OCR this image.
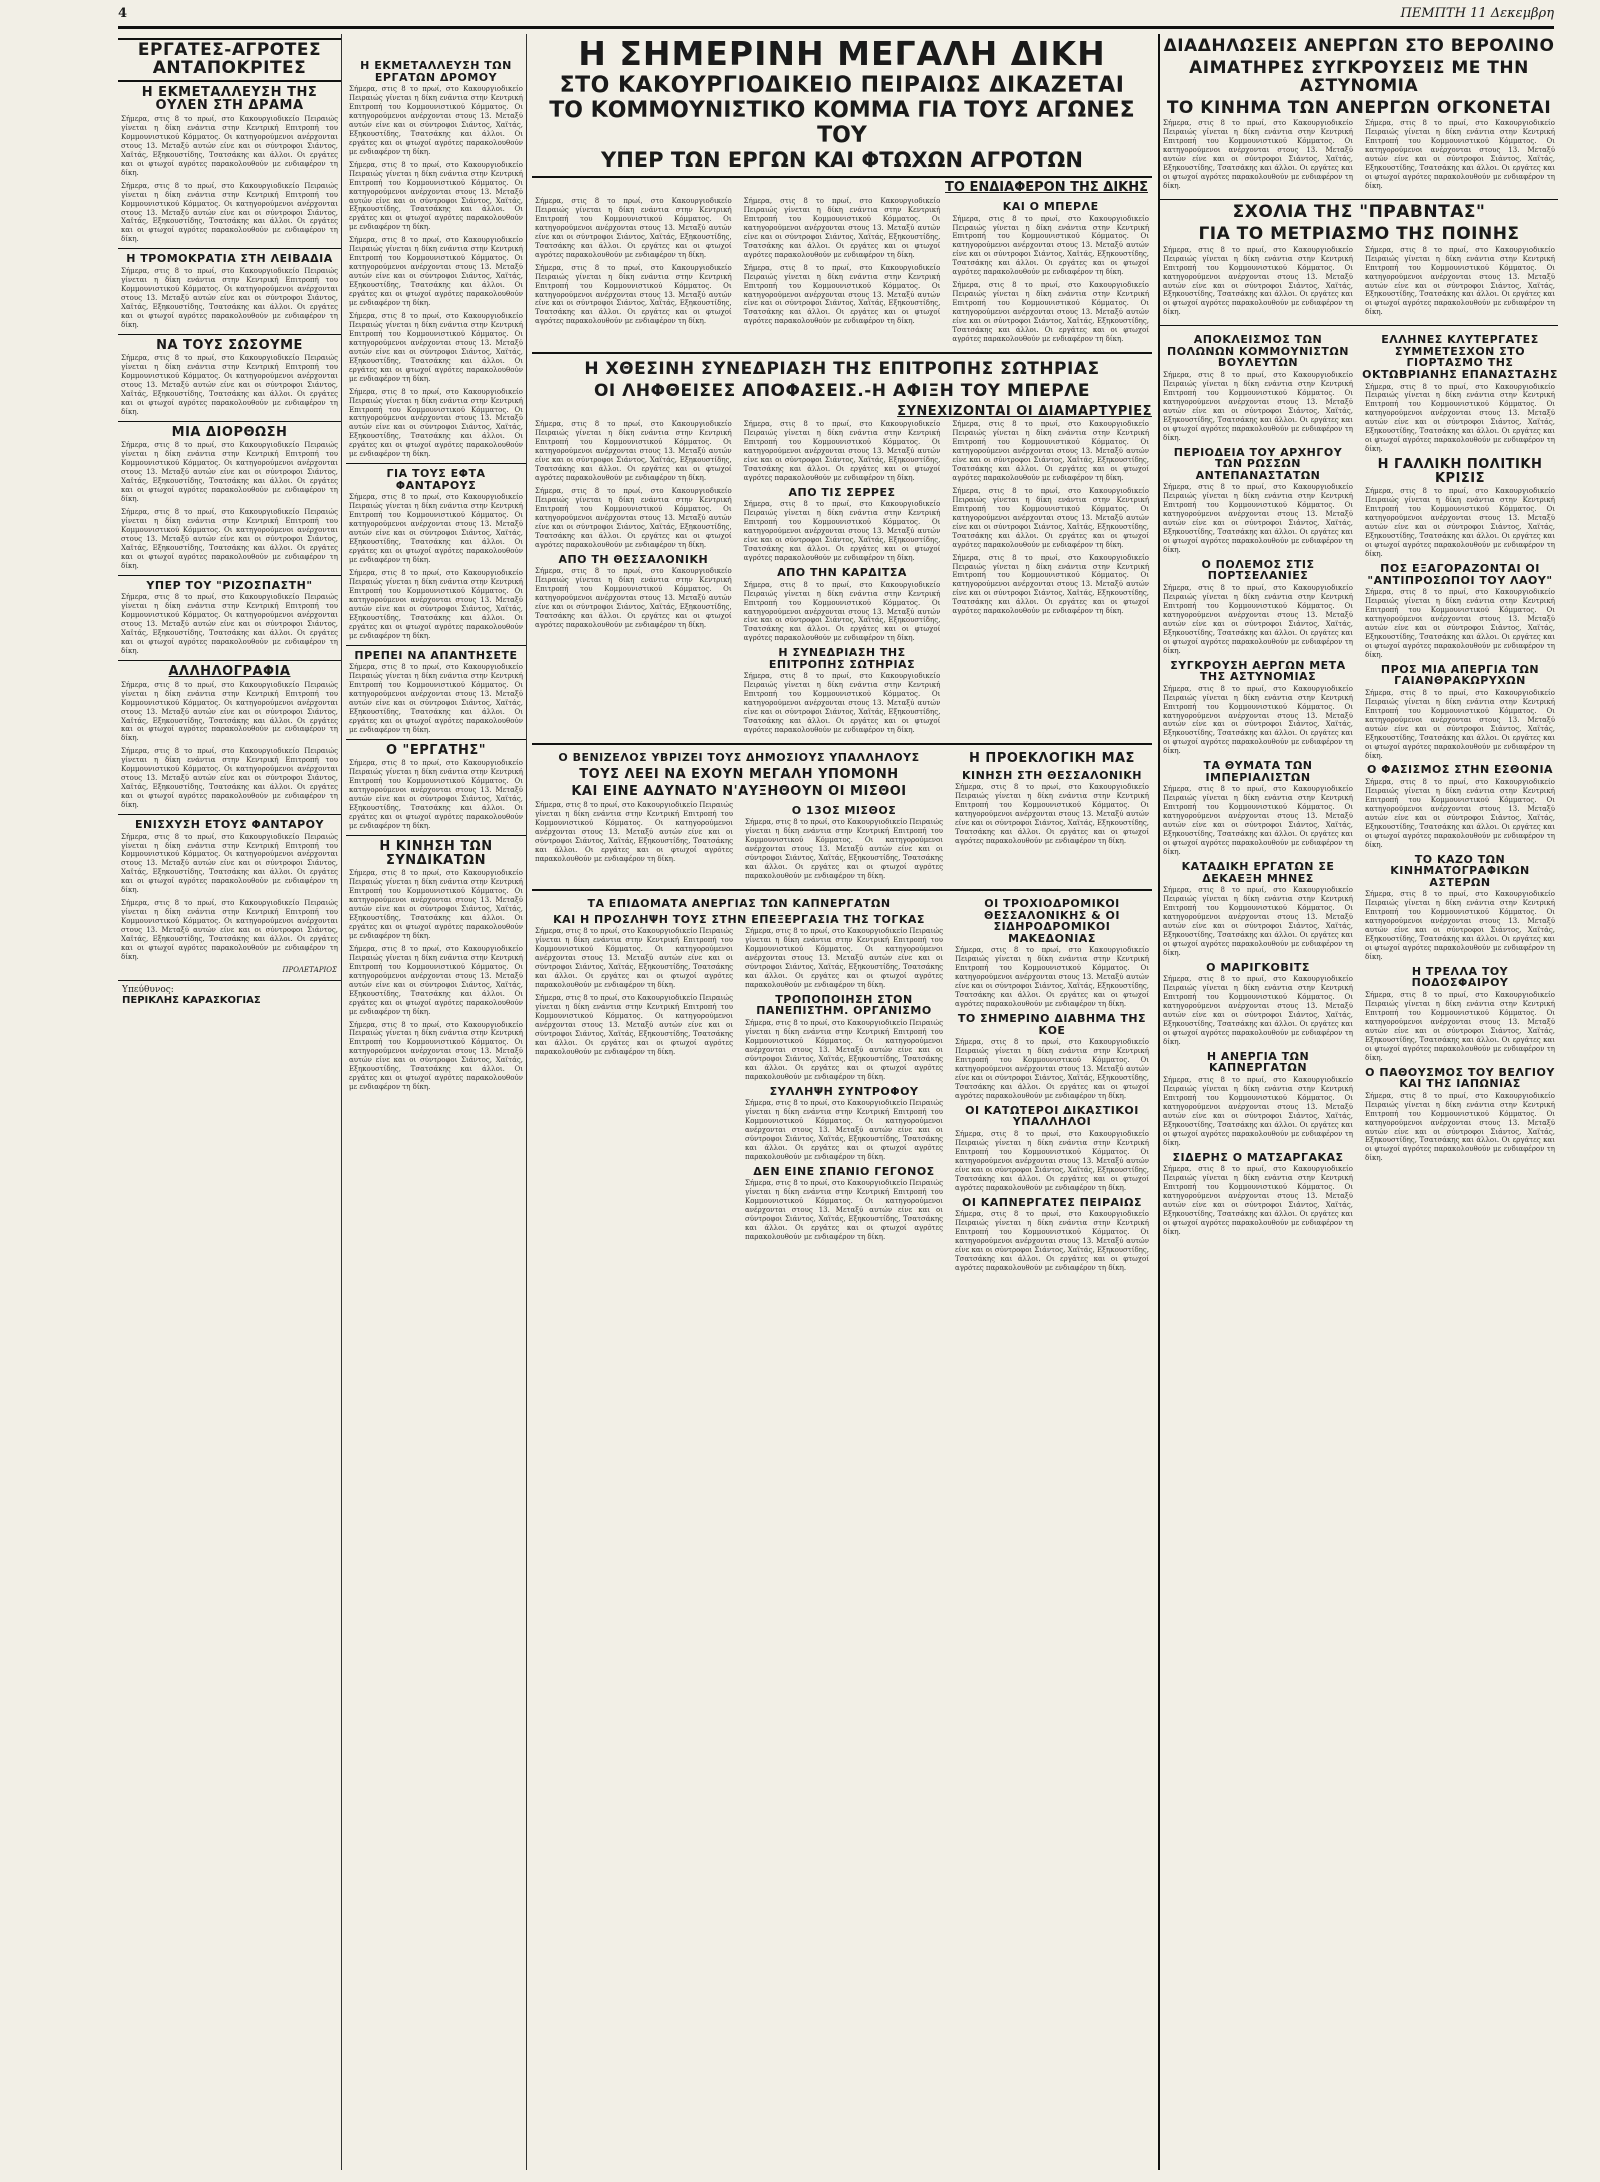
4	ΠΕΜΠΤΗ 11 Δεκεμβρη
ΕΡΓΑΤΕΣ-ΑΓΡΟΤΕΣ ΑΝΤΑΠΟΚΡΙΤΕΣ
Η ΕΚΜΕΤΑΛΛΕΥΣΗ ΤΗΣ ΟΥΛΕΝ ΣΤΗ ΔΡΑΜΑ

Σήμερα, στις 8 το πρωί, στο Κακουργιοδικείο Πειραιώς γίνεται η δίκη ενάντια στην Κεντρική Επιτροπή του Κομμουνιστικού Κόμματος. Οι κατηγορούμενοι ανέρχονται στους 13. Μεταξύ αυτών είνε και οι σύντροφοι Σιάντος, Χαϊτάς, Εξηκουστίδης, Τσατσάκης και άλλοι. Οι εργάτες και οι φτωχοί αγρότες παρακολουθούν με ενδιαφέρον τη δίκη.

Σήμερα, στις 8 το πρωί, στο Κακουργιοδικείο Πειραιώς γίνεται η δίκη ενάντια στην Κεντρική Επιτροπή του Κομμουνιστικού Κόμματος. Οι κατηγορούμενοι ανέρχονται στους 13. Μεταξύ αυτών είνε και οι σύντροφοι Σιάντος, Χαϊτάς, Εξηκουστίδης, Τσατσάκης και άλλοι. Οι εργάτες και οι φτωχοί αγρότες παρακολουθούν με ενδιαφέρον τη δίκη.

Η ΤΡΟΜΟΚΡΑΤΙΑ ΣΤΗ ΛΕΙΒΑΔΙΑ

Σήμερα, στις 8 το πρωί, στο Κακουργιοδικείο Πειραιώς γίνεται η δίκη ενάντια στην Κεντρική Επιτροπή του Κομμουνιστικού Κόμματος. Οι κατηγορούμενοι ανέρχονται στους 13. Μεταξύ αυτών είνε και οι σύντροφοι Σιάντος, Χαϊτάς, Εξηκουστίδης, Τσατσάκης και άλλοι. Οι εργάτες και οι φτωχοί αγρότες παρακολουθούν με ενδιαφέρον τη δίκη.

ΝΑ ΤΟΥΣ ΣΩΣΟΥΜΕ

Σήμερα, στις 8 το πρωί, στο Κακουργιοδικείο Πειραιώς γίνεται η δίκη ενάντια στην Κεντρική Επιτροπή του Κομμουνιστικού Κόμματος. Οι κατηγορούμενοι ανέρχονται στους 13. Μεταξύ αυτών είνε και οι σύντροφοι Σιάντος, Χαϊτάς, Εξηκουστίδης, Τσατσάκης και άλλοι. Οι εργάτες και οι φτωχοί αγρότες παρακολουθούν με ενδιαφέρον τη δίκη.

ΜΙΑ ΔΙΟΡΘΩΣΗ

Σήμερα, στις 8 το πρωί, στο Κακουργιοδικείο Πειραιώς γίνεται η δίκη ενάντια στην Κεντρική Επιτροπή του Κομμουνιστικού Κόμματος. Οι κατηγορούμενοι ανέρχονται στους 13. Μεταξύ αυτών είνε και οι σύντροφοι Σιάντος, Χαϊτάς, Εξηκουστίδης, Τσατσάκης και άλλοι. Οι εργάτες και οι φτωχοί αγρότες παρακολουθούν με ενδιαφέρον τη δίκη.

Σήμερα, στις 8 το πρωί, στο Κακουργιοδικείο Πειραιώς γίνεται η δίκη ενάντια στην Κεντρική Επιτροπή του Κομμουνιστικού Κόμματος. Οι κατηγορούμενοι ανέρχονται στους 13. Μεταξύ αυτών είνε και οι σύντροφοι Σιάντος, Χαϊτάς, Εξηκουστίδης, Τσατσάκης και άλλοι. Οι εργάτες και οι φτωχοί αγρότες παρακολουθούν με ενδιαφέρον τη δίκη.

ΥΠΕΡ ΤΟΥ "ΡΙΖΟΣΠΑΣΤΗ"

Σήμερα, στις 8 το πρωί, στο Κακουργιοδικείο Πειραιώς γίνεται η δίκη ενάντια στην Κεντρική Επιτροπή του Κομμουνιστικού Κόμματος. Οι κατηγορούμενοι ανέρχονται στους 13. Μεταξύ αυτών είνε και οι σύντροφοι Σιάντος, Χαϊτάς, Εξηκουστίδης, Τσατσάκης και άλλοι. Οι εργάτες και οι φτωχοί αγρότες παρακολουθούν με ενδιαφέρον τη δίκη.

ΑΛΛΗΛΟΓΡΑΦΙΑ

Σήμερα, στις 8 το πρωί, στο Κακουργιοδικείο Πειραιώς γίνεται η δίκη ενάντια στην Κεντρική Επιτροπή του Κομμουνιστικού Κόμματος. Οι κατηγορούμενοι ανέρχονται στους 13. Μεταξύ αυτών είνε και οι σύντροφοι Σιάντος, Χαϊτάς, Εξηκουστίδης, Τσατσάκης και άλλοι. Οι εργάτες και οι φτωχοί αγρότες παρακολουθούν με ενδιαφέρον τη δίκη.

Σήμερα, στις 8 το πρωί, στο Κακουργιοδικείο Πειραιώς γίνεται η δίκη ενάντια στην Κεντρική Επιτροπή του Κομμουνιστικού Κόμματος. Οι κατηγορούμενοι ανέρχονται στους 13. Μεταξύ αυτών είνε και οι σύντροφοι Σιάντος, Χαϊτάς, Εξηκουστίδης, Τσατσάκης και άλλοι. Οι εργάτες και οι φτωχοί αγρότες παρακολουθούν με ενδιαφέρον τη δίκη.

ΕΝΙΣΧΥΣΗ ΕΤΟΥΣ ΦΑΝΤΑΡΟΥ

Σήμερα, στις 8 το πρωί, στο Κακουργιοδικείο Πειραιώς γίνεται η δίκη ενάντια στην Κεντρική Επιτροπή του Κομμουνιστικού Κόμματος. Οι κατηγορούμενοι ανέρχονται στους 13. Μεταξύ αυτών είνε και οι σύντροφοι Σιάντος, Χαϊτάς, Εξηκουστίδης, Τσατσάκης και άλλοι. Οι εργάτες και οι φτωχοί αγρότες παρακολουθούν με ενδιαφέρον τη δίκη.

Σήμερα, στις 8 το πρωί, στο Κακουργιοδικείο Πειραιώς γίνεται η δίκη ενάντια στην Κεντρική Επιτροπή του Κομμουνιστικού Κόμματος. Οι κατηγορούμενοι ανέρχονται στους 13. Μεταξύ αυτών είνε και οι σύντροφοι Σιάντος, Χαϊτάς, Εξηκουστίδης, Τσατσάκης και άλλοι. Οι εργάτες και οι φτωχοί αγρότες παρακολουθούν με ενδιαφέρον τη δίκη.

ΠΡΟΛΕΤΑΡΙΟΣ
Υπεύθυνος:
ΠΕΡΙΚΛΗΣ ΚΑΡΑΣΚΟΓΙΑΣ
Η ΕΚΜΕΤΑΛΛΕΥΣΗ ΤΩΝ ΕΡΓΑΤΩΝ ΔΡΟΜΟΥ

Σήμερα, στις 8 το πρωί, στο Κακουργιοδικείο Πειραιώς γίνεται η δίκη ενάντια στην Κεντρική Επιτροπή του Κομμουνιστικού Κόμματος. Οι κατηγορούμενοι ανέρχονται στους 13. Μεταξύ αυτών είνε και οι σύντροφοι Σιάντος, Χαϊτάς, Εξηκουστίδης, Τσατσάκης και άλλοι. Οι εργάτες και οι φτωχοί αγρότες παρακολουθούν με ενδιαφέρον τη δίκη.

Σήμερα, στις 8 το πρωί, στο Κακουργιοδικείο Πειραιώς γίνεται η δίκη ενάντια στην Κεντρική Επιτροπή του Κομμουνιστικού Κόμματος. Οι κατηγορούμενοι ανέρχονται στους 13. Μεταξύ αυτών είνε και οι σύντροφοι Σιάντος, Χαϊτάς, Εξηκουστίδης, Τσατσάκης και άλλοι. Οι εργάτες και οι φτωχοί αγρότες παρακολουθούν με ενδιαφέρον τη δίκη.

Σήμερα, στις 8 το πρωί, στο Κακουργιοδικείο Πειραιώς γίνεται η δίκη ενάντια στην Κεντρική Επιτροπή του Κομμουνιστικού Κόμματος. Οι κατηγορούμενοι ανέρχονται στους 13. Μεταξύ αυτών είνε και οι σύντροφοι Σιάντος, Χαϊτάς, Εξηκουστίδης, Τσατσάκης και άλλοι. Οι εργάτες και οι φτωχοί αγρότες παρακολουθούν με ενδιαφέρον τη δίκη.

Σήμερα, στις 8 το πρωί, στο Κακουργιοδικείο Πειραιώς γίνεται η δίκη ενάντια στην Κεντρική Επιτροπή του Κομμουνιστικού Κόμματος. Οι κατηγορούμενοι ανέρχονται στους 13. Μεταξύ αυτών είνε και οι σύντροφοι Σιάντος, Χαϊτάς, Εξηκουστίδης, Τσατσάκης και άλλοι. Οι εργάτες και οι φτωχοί αγρότες παρακολουθούν με ενδιαφέρον τη δίκη.

Σήμερα, στις 8 το πρωί, στο Κακουργιοδικείο Πειραιώς γίνεται η δίκη ενάντια στην Κεντρική Επιτροπή του Κομμουνιστικού Κόμματος. Οι κατηγορούμενοι ανέρχονται στους 13. Μεταξύ αυτών είνε και οι σύντροφοι Σιάντος, Χαϊτάς, Εξηκουστίδης, Τσατσάκης και άλλοι. Οι εργάτες και οι φτωχοί αγρότες παρακολουθούν με ενδιαφέρον τη δίκη.

ΓΙΑ ΤΟΥΣ ΕΦΤΑ ΦΑΝΤΑΡΟΥΣ

Σήμερα, στις 8 το πρωί, στο Κακουργιοδικείο Πειραιώς γίνεται η δίκη ενάντια στην Κεντρική Επιτροπή του Κομμουνιστικού Κόμματος. Οι κατηγορούμενοι ανέρχονται στους 13. Μεταξύ αυτών είνε και οι σύντροφοι Σιάντος, Χαϊτάς, Εξηκουστίδης, Τσατσάκης και άλλοι. Οι εργάτες και οι φτωχοί αγρότες παρακολουθούν με ενδιαφέρον τη δίκη.

Σήμερα, στις 8 το πρωί, στο Κακουργιοδικείο Πειραιώς γίνεται η δίκη ενάντια στην Κεντρική Επιτροπή του Κομμουνιστικού Κόμματος. Οι κατηγορούμενοι ανέρχονται στους 13. Μεταξύ αυτών είνε και οι σύντροφοι Σιάντος, Χαϊτάς, Εξηκουστίδης, Τσατσάκης και άλλοι. Οι εργάτες και οι φτωχοί αγρότες παρακολουθούν με ενδιαφέρον τη δίκη.

ΠΡΕΠΕΙ ΝΑ ΑΠΑΝΤΗΣΕΤΕ

Σήμερα, στις 8 το πρωί, στο Κακουργιοδικείο Πειραιώς γίνεται η δίκη ενάντια στην Κεντρική Επιτροπή του Κομμουνιστικού Κόμματος. Οι κατηγορούμενοι ανέρχονται στους 13. Μεταξύ αυτών είνε και οι σύντροφοι Σιάντος, Χαϊτάς, Εξηκουστίδης, Τσατσάκης και άλλοι. Οι εργάτες και οι φτωχοί αγρότες παρακολουθούν με ενδιαφέρον τη δίκη.

Ο "ΕΡΓΑΤΗΣ"

Σήμερα, στις 8 το πρωί, στο Κακουργιοδικείο Πειραιώς γίνεται η δίκη ενάντια στην Κεντρική Επιτροπή του Κομμουνιστικού Κόμματος. Οι κατηγορούμενοι ανέρχονται στους 13. Μεταξύ αυτών είνε και οι σύντροφοι Σιάντος, Χαϊτάς, Εξηκουστίδης, Τσατσάκης και άλλοι. Οι εργάτες και οι φτωχοί αγρότες παρακολουθούν με ενδιαφέρον τη δίκη.

Η ΚΙΝΗΣΗ ΤΩΝ ΣΥΝΔΙΚΑΤΩΝ

Σήμερα, στις 8 το πρωί, στο Κακουργιοδικείο Πειραιώς γίνεται η δίκη ενάντια στην Κεντρική Επιτροπή του Κομμουνιστικού Κόμματος. Οι κατηγορούμενοι ανέρχονται στους 13. Μεταξύ αυτών είνε και οι σύντροφοι Σιάντος, Χαϊτάς, Εξηκουστίδης, Τσατσάκης και άλλοι. Οι εργάτες και οι φτωχοί αγρότες παρακολουθούν με ενδιαφέρον τη δίκη.

Σήμερα, στις 8 το πρωί, στο Κακουργιοδικείο Πειραιώς γίνεται η δίκη ενάντια στην Κεντρική Επιτροπή του Κομμουνιστικού Κόμματος. Οι κατηγορούμενοι ανέρχονται στους 13. Μεταξύ αυτών είνε και οι σύντροφοι Σιάντος, Χαϊτάς, Εξηκουστίδης, Τσατσάκης και άλλοι. Οι εργάτες και οι φτωχοί αγρότες παρακολουθούν με ενδιαφέρον τη δίκη.

Σήμερα, στις 8 το πρωί, στο Κακουργιοδικείο Πειραιώς γίνεται η δίκη ενάντια στην Κεντρική Επιτροπή του Κομμουνιστικού Κόμματος. Οι κατηγορούμενοι ανέρχονται στους 13. Μεταξύ αυτών είνε και οι σύντροφοι Σιάντος, Χαϊτάς, Εξηκουστίδης, Τσατσάκης και άλλοι. Οι εργάτες και οι φτωχοί αγρότες παρακολουθούν με ενδιαφέρον τη δίκη.

Η ΣΗΜΕΡΙΝΗ ΜΕΓΑΛΗ ΔΙΚΗ
ΣΤΟ ΚΑΚΟΥΡΓΙΟΔΙΚΕΙΟ ΠΕΙΡΑΙΩΣ ΔΙΚΑΖΕΤΑΙ
ΤΟ ΚΟΜΜΟΥΝΙΣΤΙΚΟ ΚΟΜΜΑ ΓΙΑ ΤΟΥΣ ΑΓΩΝΕΣ ΤΟΥ
ΥΠΕΡ ΤΩΝ ΕΡΓΩΝ ΚΑΙ ΦΤΩΧΩΝ ΑΓΡΟΤΩΝ
ΤΟ ΕΝΔΙΑΦΕΡΟΝ ΤΗΣ ΔΙΚΗΣ

Σήμερα, στις 8 το πρωί, στο Κακουργιοδικείο Πειραιώς γίνεται η δίκη ενάντια στην Κεντρική Επιτροπή του Κομμουνιστικού Κόμματος. Οι κατηγορούμενοι ανέρχονται στους 13. Μεταξύ αυτών είνε και οι σύντροφοι Σιάντος, Χαϊτάς, Εξηκουστίδης, Τσατσάκης και άλλοι. Οι εργάτες και οι φτωχοί αγρότες παρακολουθούν με ενδιαφέρον τη δίκη.

Σήμερα, στις 8 το πρωί, στο Κακουργιοδικείο Πειραιώς γίνεται η δίκη ενάντια στην Κεντρική Επιτροπή του Κομμουνιστικού Κόμματος. Οι κατηγορούμενοι ανέρχονται στους 13. Μεταξύ αυτών είνε και οι σύντροφοι Σιάντος, Χαϊτάς, Εξηκουστίδης, Τσατσάκης και άλλοι. Οι εργάτες και οι φτωχοί αγρότες παρακολουθούν με ενδιαφέρον τη δίκη.

Σήμερα, στις 8 το πρωί, στο Κακουργιοδικείο Πειραιώς γίνεται η δίκη ενάντια στην Κεντρική Επιτροπή του Κομμουνιστικού Κόμματος. Οι κατηγορούμενοι ανέρχονται στους 13. Μεταξύ αυτών είνε και οι σύντροφοι Σιάντος, Χαϊτάς, Εξηκουστίδης, Τσατσάκης και άλλοι. Οι εργάτες και οι φτωχοί αγρότες παρακολουθούν με ενδιαφέρον τη δίκη.

Σήμερα, στις 8 το πρωί, στο Κακουργιοδικείο Πειραιώς γίνεται η δίκη ενάντια στην Κεντρική Επιτροπή του Κομμουνιστικού Κόμματος. Οι κατηγορούμενοι ανέρχονται στους 13. Μεταξύ αυτών είνε και οι σύντροφοι Σιάντος, Χαϊτάς, Εξηκουστίδης, Τσατσάκης και άλλοι. Οι εργάτες και οι φτωχοί αγρότες παρακολουθούν με ενδιαφέρον τη δίκη.

ΚΑΙ Ο ΜΠΕΡΛΕ

Σήμερα, στις 8 το πρωί, στο Κακουργιοδικείο Πειραιώς γίνεται η δίκη ενάντια στην Κεντρική Επιτροπή του Κομμουνιστικού Κόμματος. Οι κατηγορούμενοι ανέρχονται στους 13. Μεταξύ αυτών είνε και οι σύντροφοι Σιάντος, Χαϊτάς, Εξηκουστίδης, Τσατσάκης και άλλοι. Οι εργάτες και οι φτωχοί αγρότες παρακολουθούν με ενδιαφέρον τη δίκη.

Σήμερα, στις 8 το πρωί, στο Κακουργιοδικείο Πειραιώς γίνεται η δίκη ενάντια στην Κεντρική Επιτροπή του Κομμουνιστικού Κόμματος. Οι κατηγορούμενοι ανέρχονται στους 13. Μεταξύ αυτών είνε και οι σύντροφοι Σιάντος, Χαϊτάς, Εξηκουστίδης, Τσατσάκης και άλλοι. Οι εργάτες και οι φτωχοί αγρότες παρακολουθούν με ενδιαφέρον τη δίκη.

Η ΧΘΕΣΙΝΗ ΣΥΝΕΔΡΙΑΣΗ ΤΗΣ ΕΠΙΤΡΟΠΗΣ ΣΩΤΗΡΙΑΣ
ΟΙ ΛΗΦΘΕΙΣΕΣ ΑΠΟΦΑΣΕΙΣ.-Η ΑΦΙΞΗ ΤΟΥ ΜΠΕΡΛΕ
ΣΥΝΕΧΙΖΟΝΤΑΙ ΟΙ ΔΙΑΜΑΡΤΥΡΙΕΣ

Σήμερα, στις 8 το πρωί, στο Κακουργιοδικείο Πειραιώς γίνεται η δίκη ενάντια στην Κεντρική Επιτροπή του Κομμουνιστικού Κόμματος. Οι κατηγορούμενοι ανέρχονται στους 13. Μεταξύ αυτών είνε και οι σύντροφοι Σιάντος, Χαϊτάς, Εξηκουστίδης, Τσατσάκης και άλλοι. Οι εργάτες και οι φτωχοί αγρότες παρακολουθούν με ενδιαφέρον τη δίκη.

Σήμερα, στις 8 το πρωί, στο Κακουργιοδικείο Πειραιώς γίνεται η δίκη ενάντια στην Κεντρική Επιτροπή του Κομμουνιστικού Κόμματος. Οι κατηγορούμενοι ανέρχονται στους 13. Μεταξύ αυτών είνε και οι σύντροφοι Σιάντος, Χαϊτάς, Εξηκουστίδης, Τσατσάκης και άλλοι. Οι εργάτες και οι φτωχοί αγρότες παρακολουθούν με ενδιαφέρον τη δίκη.

ΑΠΟ ΤΗ ΘΕΣΣΑΛΟΝΙΚΗ

Σήμερα, στις 8 το πρωί, στο Κακουργιοδικείο Πειραιώς γίνεται η δίκη ενάντια στην Κεντρική Επιτροπή του Κομμουνιστικού Κόμματος. Οι κατηγορούμενοι ανέρχονται στους 13. Μεταξύ αυτών είνε και οι σύντροφοι Σιάντος, Χαϊτάς, Εξηκουστίδης, Τσατσάκης και άλλοι. Οι εργάτες και οι φτωχοί αγρότες παρακολουθούν με ενδιαφέρον τη δίκη.

Σήμερα, στις 8 το πρωί, στο Κακουργιοδικείο Πειραιώς γίνεται η δίκη ενάντια στην Κεντρική Επιτροπή του Κομμουνιστικού Κόμματος. Οι κατηγορούμενοι ανέρχονται στους 13. Μεταξύ αυτών είνε και οι σύντροφοι Σιάντος, Χαϊτάς, Εξηκουστίδης, Τσατσάκης και άλλοι. Οι εργάτες και οι φτωχοί αγρότες παρακολουθούν με ενδιαφέρον τη δίκη.

ΑΠΟ ΤΙΣ ΣΕΡΡΕΣ

Σήμερα, στις 8 το πρωί, στο Κακουργιοδικείο Πειραιώς γίνεται η δίκη ενάντια στην Κεντρική Επιτροπή του Κομμουνιστικού Κόμματος. Οι κατηγορούμενοι ανέρχονται στους 13. Μεταξύ αυτών είνε και οι σύντροφοι Σιάντος, Χαϊτάς, Εξηκουστίδης, Τσατσάκης και άλλοι. Οι εργάτες και οι φτωχοί αγρότες παρακολουθούν με ενδιαφέρον τη δίκη.

ΑΠΟ ΤΗΝ ΚΑΡΔΙΤΣΑ

Σήμερα, στις 8 το πρωί, στο Κακουργιοδικείο Πειραιώς γίνεται η δίκη ενάντια στην Κεντρική Επιτροπή του Κομμουνιστικού Κόμματος. Οι κατηγορούμενοι ανέρχονται στους 13. Μεταξύ αυτών είνε και οι σύντροφοι Σιάντος, Χαϊτάς, Εξηκουστίδης, Τσατσάκης και άλλοι. Οι εργάτες και οι φτωχοί αγρότες παρακολουθούν με ενδιαφέρον τη δίκη.

Η ΣΥΝΕΔΡΙΑΣΗ ΤΗΣ ΕΠΙΤΡΟΠΗΣ ΣΩΤΗΡΙΑΣ

Σήμερα, στις 8 το πρωί, στο Κακουργιοδικείο Πειραιώς γίνεται η δίκη ενάντια στην Κεντρική Επιτροπή του Κομμουνιστικού Κόμματος. Οι κατηγορούμενοι ανέρχονται στους 13. Μεταξύ αυτών είνε και οι σύντροφοι Σιάντος, Χαϊτάς, Εξηκουστίδης, Τσατσάκης και άλλοι. Οι εργάτες και οι φτωχοί αγρότες παρακολουθούν με ενδιαφέρον τη δίκη.

Σήμερα, στις 8 το πρωί, στο Κακουργιοδικείο Πειραιώς γίνεται η δίκη ενάντια στην Κεντρική Επιτροπή του Κομμουνιστικού Κόμματος. Οι κατηγορούμενοι ανέρχονται στους 13. Μεταξύ αυτών είνε και οι σύντροφοι Σιάντος, Χαϊτάς, Εξηκουστίδης, Τσατσάκης και άλλοι. Οι εργάτες και οι φτωχοί αγρότες παρακολουθούν με ενδιαφέρον τη δίκη.

Σήμερα, στις 8 το πρωί, στο Κακουργιοδικείο Πειραιώς γίνεται η δίκη ενάντια στην Κεντρική Επιτροπή του Κομμουνιστικού Κόμματος. Οι κατηγορούμενοι ανέρχονται στους 13. Μεταξύ αυτών είνε και οι σύντροφοι Σιάντος, Χαϊτάς, Εξηκουστίδης, Τσατσάκης και άλλοι. Οι εργάτες και οι φτωχοί αγρότες παρακολουθούν με ενδιαφέρον τη δίκη.

Σήμερα, στις 8 το πρωί, στο Κακουργιοδικείο Πειραιώς γίνεται η δίκη ενάντια στην Κεντρική Επιτροπή του Κομμουνιστικού Κόμματος. Οι κατηγορούμενοι ανέρχονται στους 13. Μεταξύ αυτών είνε και οι σύντροφοι Σιάντος, Χαϊτάς, Εξηκουστίδης, Τσατσάκης και άλλοι. Οι εργάτες και οι φτωχοί αγρότες παρακολουθούν με ενδιαφέρον τη δίκη.

Ο ΒΕΝΙΖΕΛΟΣ ΥΒΡΙΖΕΙ ΤΟΥΣ ΔΗΜΟΣΙΟΥΣ ΥΠΑΛΛΗΛΟΥΣ
ΤΟΥΣ ΛΕΕΙ ΝΑ ΕΧΟΥΝ ΜΕΓΑΛΗ ΥΠΟΜΟΝΗ
ΚΑΙ ΕΙΝΕ ΑΔΥΝΑΤΟ Ν'ΑΥΞΗΘΟΥΝ ΟΙ ΜΙΣΘΟΙ

Σήμερα, στις 8 το πρωί, στο Κακουργιοδικείο Πειραιώς γίνεται η δίκη ενάντια στην Κεντρική Επιτροπή του Κομμουνιστικού Κόμματος. Οι κατηγορούμενοι ανέρχονται στους 13. Μεταξύ αυτών είνε και οι σύντροφοι Σιάντος, Χαϊτάς, Εξηκουστίδης, Τσατσάκης και άλλοι. Οι εργάτες και οι φτωχοί αγρότες παρακολουθούν με ενδιαφέρον τη δίκη.

Ο 13ΟΣ ΜΙΣΘΟΣ

Σήμερα, στις 8 το πρωί, στο Κακουργιοδικείο Πειραιώς γίνεται η δίκη ενάντια στην Κεντρική Επιτροπή του Κομμουνιστικού Κόμματος. Οι κατηγορούμενοι ανέρχονται στους 13. Μεταξύ αυτών είνε και οι σύντροφοι Σιάντος, Χαϊτάς, Εξηκουστίδης, Τσατσάκης και άλλοι. Οι εργάτες και οι φτωχοί αγρότες παρακολουθούν με ενδιαφέρον τη δίκη.

Η ΠΡΟΕΚΛΟΓΙΚΗ ΜΑΣ
ΚΙΝΗΣΗ ΣΤΗ ΘΕΣΣΑΛΟΝΙΚΗ

Σήμερα, στις 8 το πρωί, στο Κακουργιοδικείο Πειραιώς γίνεται η δίκη ενάντια στην Κεντρική Επιτροπή του Κομμουνιστικού Κόμματος. Οι κατηγορούμενοι ανέρχονται στους 13. Μεταξύ αυτών είνε και οι σύντροφοι Σιάντος, Χαϊτάς, Εξηκουστίδης, Τσατσάκης και άλλοι. Οι εργάτες και οι φτωχοί αγρότες παρακολουθούν με ενδιαφέρον τη δίκη.

ΤΑ ΕΠΙΔΟΜΑΤΑ ΑΝΕΡΓΙΑΣ ΤΩΝ ΚΑΠΝΕΡΓΑΤΩΝ
ΚΑΙ Η ΠΡΟΣΛΗΨΗ ΤΟΥΣ ΣΤΗΝ ΕΠΕΞΕΡΓΑΣΙΑ ΤΗΣ ΤΟΓΚΑΣ

Σήμερα, στις 8 το πρωί, στο Κακουργιοδικείο Πειραιώς γίνεται η δίκη ενάντια στην Κεντρική Επιτροπή του Κομμουνιστικού Κόμματος. Οι κατηγορούμενοι ανέρχονται στους 13. Μεταξύ αυτών είνε και οι σύντροφοι Σιάντος, Χαϊτάς, Εξηκουστίδης, Τσατσάκης και άλλοι. Οι εργάτες και οι φτωχοί αγρότες παρακολουθούν με ενδιαφέρον τη δίκη.

Σήμερα, στις 8 το πρωί, στο Κακουργιοδικείο Πειραιώς γίνεται η δίκη ενάντια στην Κεντρική Επιτροπή του Κομμουνιστικού Κόμματος. Οι κατηγορούμενοι ανέρχονται στους 13. Μεταξύ αυτών είνε και οι σύντροφοι Σιάντος, Χαϊτάς, Εξηκουστίδης, Τσατσάκης και άλλοι. Οι εργάτες και οι φτωχοί αγρότες παρακολουθούν με ενδιαφέρον τη δίκη.

Σήμερα, στις 8 το πρωί, στο Κακουργιοδικείο Πειραιώς γίνεται η δίκη ενάντια στην Κεντρική Επιτροπή του Κομμουνιστικού Κόμματος. Οι κατηγορούμενοι ανέρχονται στους 13. Μεταξύ αυτών είνε και οι σύντροφοι Σιάντος, Χαϊτάς, Εξηκουστίδης, Τσατσάκης και άλλοι. Οι εργάτες και οι φτωχοί αγρότες παρακολουθούν με ενδιαφέρον τη δίκη.

ΤΡΟΠΟΠΟΙΗΣΗ ΣΤΟΝ ΠΑΝΕΠΙΣΤΗΜ. ΟΡΓΑΝΙΣΜΟ

Σήμερα, στις 8 το πρωί, στο Κακουργιοδικείο Πειραιώς γίνεται η δίκη ενάντια στην Κεντρική Επιτροπή του Κομμουνιστικού Κόμματος. Οι κατηγορούμενοι ανέρχονται στους 13. Μεταξύ αυτών είνε και οι σύντροφοι Σιάντος, Χαϊτάς, Εξηκουστίδης, Τσατσάκης και άλλοι. Οι εργάτες και οι φτωχοί αγρότες παρακολουθούν με ενδιαφέρον τη δίκη.

ΣΥΛΛΗΨΗ ΣΥΝΤΡΟΦΟΥ

Σήμερα, στις 8 το πρωί, στο Κακουργιοδικείο Πειραιώς γίνεται η δίκη ενάντια στην Κεντρική Επιτροπή του Κομμουνιστικού Κόμματος. Οι κατηγορούμενοι ανέρχονται στους 13. Μεταξύ αυτών είνε και οι σύντροφοι Σιάντος, Χαϊτάς, Εξηκουστίδης, Τσατσάκης και άλλοι. Οι εργάτες και οι φτωχοί αγρότες παρακολουθούν με ενδιαφέρον τη δίκη.

ΔΕΝ ΕΙΝΕ ΣΠΑΝΙΟ ΓΕΓΟΝΟΣ

Σήμερα, στις 8 το πρωί, στο Κακουργιοδικείο Πειραιώς γίνεται η δίκη ενάντια στην Κεντρική Επιτροπή του Κομμουνιστικού Κόμματος. Οι κατηγορούμενοι ανέρχονται στους 13. Μεταξύ αυτών είνε και οι σύντροφοι Σιάντος, Χαϊτάς, Εξηκουστίδης, Τσατσάκης και άλλοι. Οι εργάτες και οι φτωχοί αγρότες παρακολουθούν με ενδιαφέρον τη δίκη.

ΟΙ ΤΡΟΧΙΟΔΡΟΜΙΚΟΙ ΘΕΣΣΑΛΟΝΙΚΗΣ & ΟΙ ΣΙΔΗΡΟΔΡΟΜΙΚΟΙ ΜΑΚΕΔΟΝΙΑΣ

Σήμερα, στις 8 το πρωί, στο Κακουργιοδικείο Πειραιώς γίνεται η δίκη ενάντια στην Κεντρική Επιτροπή του Κομμουνιστικού Κόμματος. Οι κατηγορούμενοι ανέρχονται στους 13. Μεταξύ αυτών είνε και οι σύντροφοι Σιάντος, Χαϊτάς, Εξηκουστίδης, Τσατσάκης και άλλοι. Οι εργάτες και οι φτωχοί αγρότες παρακολουθούν με ενδιαφέρον τη δίκη.

ΤΟ ΣΗΜΕΡΙΝΟ ΔΙΑΒΗΜΑ ΤΗΣ ΚΟΕ

Σήμερα, στις 8 το πρωί, στο Κακουργιοδικείο Πειραιώς γίνεται η δίκη ενάντια στην Κεντρική Επιτροπή του Κομμουνιστικού Κόμματος. Οι κατηγορούμενοι ανέρχονται στους 13. Μεταξύ αυτών είνε και οι σύντροφοι Σιάντος, Χαϊτάς, Εξηκουστίδης, Τσατσάκης και άλλοι. Οι εργάτες και οι φτωχοί αγρότες παρακολουθούν με ενδιαφέρον τη δίκη.

ΟΙ ΚΑΤΩΤΕΡΟΙ ΔΙΚΑΣΤΙΚΟΙ ΥΠΑΛΛΗΛΟΙ

Σήμερα, στις 8 το πρωί, στο Κακουργιοδικείο Πειραιώς γίνεται η δίκη ενάντια στην Κεντρική Επιτροπή του Κομμουνιστικού Κόμματος. Οι κατηγορούμενοι ανέρχονται στους 13. Μεταξύ αυτών είνε και οι σύντροφοι Σιάντος, Χαϊτάς, Εξηκουστίδης, Τσατσάκης και άλλοι. Οι εργάτες και οι φτωχοί αγρότες παρακολουθούν με ενδιαφέρον τη δίκη.

ΟΙ ΚΑΠΝΕΡΓΑΤΕΣ ΠΕΙΡΑΙΩΣ

Σήμερα, στις 8 το πρωί, στο Κακουργιοδικείο Πειραιώς γίνεται η δίκη ενάντια στην Κεντρική Επιτροπή του Κομμουνιστικού Κόμματος. Οι κατηγορούμενοι ανέρχονται στους 13. Μεταξύ αυτών είνε και οι σύντροφοι Σιάντος, Χαϊτάς, Εξηκουστίδης, Τσατσάκης και άλλοι. Οι εργάτες και οι φτωχοί αγρότες παρακολουθούν με ενδιαφέρον τη δίκη.

ΔΙΑΔΗΛΩΣΕΙΣ ΑΝΕΡΓΩΝ ΣΤΟ ΒΕΡΟΛΙΝΟ
ΑΙΜΑΤΗΡΕΣ ΣΥΓΚΡΟΥΣΕΙΣ ΜΕ ΤΗΝ ΑΣΤΥΝΟΜΙΑ
ΤΟ ΚΙΝΗΜΑ ΤΩΝ ΑΝΕΡΓΩΝ ΟΓΚΟΝΕΤΑΙ

Σήμερα, στις 8 το πρωί, στο Κακουργιοδικείο Πειραιώς γίνεται η δίκη ενάντια στην Κεντρική Επιτροπή του Κομμουνιστικού Κόμματος. Οι κατηγορούμενοι ανέρχονται στους 13. Μεταξύ αυτών είνε και οι σύντροφοι Σιάντος, Χαϊτάς, Εξηκουστίδης, Τσατσάκης και άλλοι. Οι εργάτες και οι φτωχοί αγρότες παρακολουθούν με ενδιαφέρον τη δίκη.

Σήμερα, στις 8 το πρωί, στο Κακουργιοδικείο Πειραιώς γίνεται η δίκη ενάντια στην Κεντρική Επιτροπή του Κομμουνιστικού Κόμματος. Οι κατηγορούμενοι ανέρχονται στους 13. Μεταξύ αυτών είνε και οι σύντροφοι Σιάντος, Χαϊτάς, Εξηκουστίδης, Τσατσάκης και άλλοι. Οι εργάτες και οι φτωχοί αγρότες παρακολουθούν με ενδιαφέρον τη δίκη.

ΣΧΟΛΙΑ ΤΗΣ "ΠΡΑΒΝΤΑΣ"
ΓΙΑ ΤΟ ΜΕΤΡΙΑΣΜΟ ΤΗΣ ΠΟΙΝΗΣ

Σήμερα, στις 8 το πρωί, στο Κακουργιοδικείο Πειραιώς γίνεται η δίκη ενάντια στην Κεντρική Επιτροπή του Κομμουνιστικού Κόμματος. Οι κατηγορούμενοι ανέρχονται στους 13. Μεταξύ αυτών είνε και οι σύντροφοι Σιάντος, Χαϊτάς, Εξηκουστίδης, Τσατσάκης και άλλοι. Οι εργάτες και οι φτωχοί αγρότες παρακολουθούν με ενδιαφέρον τη δίκη.

Σήμερα, στις 8 το πρωί, στο Κακουργιοδικείο Πειραιώς γίνεται η δίκη ενάντια στην Κεντρική Επιτροπή του Κομμουνιστικού Κόμματος. Οι κατηγορούμενοι ανέρχονται στους 13. Μεταξύ αυτών είνε και οι σύντροφοι Σιάντος, Χαϊτάς, Εξηκουστίδης, Τσατσάκης και άλλοι. Οι εργάτες και οι φτωχοί αγρότες παρακολουθούν με ενδιαφέρον τη δίκη.

ΑΠΟΚΛΕΙΣΜΟΣ ΤΩΝ ΠΟΛΩΝΩΝ ΚΟΜΜΟΥΝΙΣΤΩΝ ΒΟΥΛΕΥΤΩΝ

Σήμερα, στις 8 το πρωί, στο Κακουργιοδικείο Πειραιώς γίνεται η δίκη ενάντια στην Κεντρική Επιτροπή του Κομμουνιστικού Κόμματος. Οι κατηγορούμενοι ανέρχονται στους 13. Μεταξύ αυτών είνε και οι σύντροφοι Σιάντος, Χαϊτάς, Εξηκουστίδης, Τσατσάκης και άλλοι. Οι εργάτες και οι φτωχοί αγρότες παρακολουθούν με ενδιαφέρον τη δίκη.

ΠΕΡΙΟΔΕΙΑ ΤΟΥ ΑΡΧΗΓΟΥ ΤΩΝ ΡΩΣΣΩΝ ΑΝΤΕΠΑΝΑΣΤΑΤΩΝ

Σήμερα, στις 8 το πρωί, στο Κακουργιοδικείο Πειραιώς γίνεται η δίκη ενάντια στην Κεντρική Επιτροπή του Κομμουνιστικού Κόμματος. Οι κατηγορούμενοι ανέρχονται στους 13. Μεταξύ αυτών είνε και οι σύντροφοι Σιάντος, Χαϊτάς, Εξηκουστίδης, Τσατσάκης και άλλοι. Οι εργάτες και οι φτωχοί αγρότες παρακολουθούν με ενδιαφέρον τη δίκη.

Ο ΠΟΛΕΜΟΣ ΣΤΙΣ ΠΟΡΤΣΕΛΑΝΙΕΣ

Σήμερα, στις 8 το πρωί, στο Κακουργιοδικείο Πειραιώς γίνεται η δίκη ενάντια στην Κεντρική Επιτροπή του Κομμουνιστικού Κόμματος. Οι κατηγορούμενοι ανέρχονται στους 13. Μεταξύ αυτών είνε και οι σύντροφοι Σιάντος, Χαϊτάς, Εξηκουστίδης, Τσατσάκης και άλλοι. Οι εργάτες και οι φτωχοί αγρότες παρακολουθούν με ενδιαφέρον τη δίκη.

ΣΥΓΚΡΟΥΣΗ ΑΕΡΓΩΝ ΜΕΤΑ ΤΗΣ ΑΣΤΥΝΟΜΙΑΣ

Σήμερα, στις 8 το πρωί, στο Κακουργιοδικείο Πειραιώς γίνεται η δίκη ενάντια στην Κεντρική Επιτροπή του Κομμουνιστικού Κόμματος. Οι κατηγορούμενοι ανέρχονται στους 13. Μεταξύ αυτών είνε και οι σύντροφοι Σιάντος, Χαϊτάς, Εξηκουστίδης, Τσατσάκης και άλλοι. Οι εργάτες και οι φτωχοί αγρότες παρακολουθούν με ενδιαφέρον τη δίκη.

ΤΑ ΘΥΜΑΤΑ ΤΩΝ ΙΜΠΕΡΙΑΛΙΣΤΩΝ

Σήμερα, στις 8 το πρωί, στο Κακουργιοδικείο Πειραιώς γίνεται η δίκη ενάντια στην Κεντρική Επιτροπή του Κομμουνιστικού Κόμματος. Οι κατηγορούμενοι ανέρχονται στους 13. Μεταξύ αυτών είνε και οι σύντροφοι Σιάντος, Χαϊτάς, Εξηκουστίδης, Τσατσάκης και άλλοι. Οι εργάτες και οι φτωχοί αγρότες παρακολουθούν με ενδιαφέρον τη δίκη.

ΚΑΤΑΔΙΚΗ ΕΡΓΑΤΩΝ ΣΕ ΔΕΚΑΕΞΗ ΜΗΝΕΣ

Σήμερα, στις 8 το πρωί, στο Κακουργιοδικείο Πειραιώς γίνεται η δίκη ενάντια στην Κεντρική Επιτροπή του Κομμουνιστικού Κόμματος. Οι κατηγορούμενοι ανέρχονται στους 13. Μεταξύ αυτών είνε και οι σύντροφοι Σιάντος, Χαϊτάς, Εξηκουστίδης, Τσατσάκης και άλλοι. Οι εργάτες και οι φτωχοί αγρότες παρακολουθούν με ενδιαφέρον τη δίκη.

Ο ΜΑΡΙΓΚΟΒΙΤΣ

Σήμερα, στις 8 το πρωί, στο Κακουργιοδικείο Πειραιώς γίνεται η δίκη ενάντια στην Κεντρική Επιτροπή του Κομμουνιστικού Κόμματος. Οι κατηγορούμενοι ανέρχονται στους 13. Μεταξύ αυτών είνε και οι σύντροφοι Σιάντος, Χαϊτάς, Εξηκουστίδης, Τσατσάκης και άλλοι. Οι εργάτες και οι φτωχοί αγρότες παρακολουθούν με ενδιαφέρον τη δίκη.

Η ΑΝΕΡΓΙΑ ΤΩΝ ΚΑΠΝΕΡΓΑΤΩΝ

Σήμερα, στις 8 το πρωί, στο Κακουργιοδικείο Πειραιώς γίνεται η δίκη ενάντια στην Κεντρική Επιτροπή του Κομμουνιστικού Κόμματος. Οι κατηγορούμενοι ανέρχονται στους 13. Μεταξύ αυτών είνε και οι σύντροφοι Σιάντος, Χαϊτάς, Εξηκουστίδης, Τσατσάκης και άλλοι. Οι εργάτες και οι φτωχοί αγρότες παρακολουθούν με ενδιαφέρον τη δίκη.

ΣΙΔΕΡΗΣ Ο ΜΑΤΣΑΡΓΑΚΑΣ

Σήμερα, στις 8 το πρωί, στο Κακουργιοδικείο Πειραιώς γίνεται η δίκη ενάντια στην Κεντρική Επιτροπή του Κομμουνιστικού Κόμματος. Οι κατηγορούμενοι ανέρχονται στους 13. Μεταξύ αυτών είνε και οι σύντροφοι Σιάντος, Χαϊτάς, Εξηκουστίδης, Τσατσάκης και άλλοι. Οι εργάτες και οι φτωχοί αγρότες παρακολουθούν με ενδιαφέρον τη δίκη.

ΕΛΛΗΝΕΣ ΚΛΥΤΕΡΓΑΤΕΣ ΣΥΜΜΕΤΕΣΧΟΝ ΣΤΟ ΓΙΟΡΤΑΣΜΟ ΤΗΣ ΟΚΤΩΒΡΙΑΝΗΣ ΕΠΑΝΑΣΤΑΣΗΣ

Σήμερα, στις 8 το πρωί, στο Κακουργιοδικείο Πειραιώς γίνεται η δίκη ενάντια στην Κεντρική Επιτροπή του Κομμουνιστικού Κόμματος. Οι κατηγορούμενοι ανέρχονται στους 13. Μεταξύ αυτών είνε και οι σύντροφοι Σιάντος, Χαϊτάς, Εξηκουστίδης, Τσατσάκης και άλλοι. Οι εργάτες και οι φτωχοί αγρότες παρακολουθούν με ενδιαφέρον τη δίκη.

Η ΓΑΛΛΙΚΗ ΠΟΛΙΤΙΚΗ ΚΡΙΣΙΣ

Σήμερα, στις 8 το πρωί, στο Κακουργιοδικείο Πειραιώς γίνεται η δίκη ενάντια στην Κεντρική Επιτροπή του Κομμουνιστικού Κόμματος. Οι κατηγορούμενοι ανέρχονται στους 13. Μεταξύ αυτών είνε και οι σύντροφοι Σιάντος, Χαϊτάς, Εξηκουστίδης, Τσατσάκης και άλλοι. Οι εργάτες και οι φτωχοί αγρότες παρακολουθούν με ενδιαφέρον τη δίκη.

ΠΟΣ ΕΞΑΓΟΡΑΖΟΝΤΑΙ ΟΙ "ΑΝΤΙΠΡΟΣΩΠΟΙ ΤΟΥ ΛΑΟΥ"

Σήμερα, στις 8 το πρωί, στο Κακουργιοδικείο Πειραιώς γίνεται η δίκη ενάντια στην Κεντρική Επιτροπή του Κομμουνιστικού Κόμματος. Οι κατηγορούμενοι ανέρχονται στους 13. Μεταξύ αυτών είνε και οι σύντροφοι Σιάντος, Χαϊτάς, Εξηκουστίδης, Τσατσάκης και άλλοι. Οι εργάτες και οι φτωχοί αγρότες παρακολουθούν με ενδιαφέρον τη δίκη.

ΠΡΟΣ ΜΙΑ ΑΠΕΡΓΙΑ ΤΩΝ ΓΑΙΑΝΘΡΑΚΩΡΥΧΩΝ

Σήμερα, στις 8 το πρωί, στο Κακουργιοδικείο Πειραιώς γίνεται η δίκη ενάντια στην Κεντρική Επιτροπή του Κομμουνιστικού Κόμματος. Οι κατηγορούμενοι ανέρχονται στους 13. Μεταξύ αυτών είνε και οι σύντροφοι Σιάντος, Χαϊτάς, Εξηκουστίδης, Τσατσάκης και άλλοι. Οι εργάτες και οι φτωχοί αγρότες παρακολουθούν με ενδιαφέρον τη δίκη.

Ο ΦΑΣΙΣΜΟΣ ΣΤΗΝ ΕΣΘΟΝΙΑ

Σήμερα, στις 8 το πρωί, στο Κακουργιοδικείο Πειραιώς γίνεται η δίκη ενάντια στην Κεντρική Επιτροπή του Κομμουνιστικού Κόμματος. Οι κατηγορούμενοι ανέρχονται στους 13. Μεταξύ αυτών είνε και οι σύντροφοι Σιάντος, Χαϊτάς, Εξηκουστίδης, Τσατσάκης και άλλοι. Οι εργάτες και οι φτωχοί αγρότες παρακολουθούν με ενδιαφέρον τη δίκη.

ΤΟ ΚΑΖΟ ΤΩΝ ΚΙΝΗΜΑΤΟΓΡΑΦΙΚΩΝ ΑΣΤΕΡΩΝ

Σήμερα, στις 8 το πρωί, στο Κακουργιοδικείο Πειραιώς γίνεται η δίκη ενάντια στην Κεντρική Επιτροπή του Κομμουνιστικού Κόμματος. Οι κατηγορούμενοι ανέρχονται στους 13. Μεταξύ αυτών είνε και οι σύντροφοι Σιάντος, Χαϊτάς, Εξηκουστίδης, Τσατσάκης και άλλοι. Οι εργάτες και οι φτωχοί αγρότες παρακολουθούν με ενδιαφέρον τη δίκη.

Η ΤΡΕΛΛΑ ΤΟΥ ΠΟΔΟΣΦΑΙΡΟΥ

Σήμερα, στις 8 το πρωί, στο Κακουργιοδικείο Πειραιώς γίνεται η δίκη ενάντια στην Κεντρική Επιτροπή του Κομμουνιστικού Κόμματος. Οι κατηγορούμενοι ανέρχονται στους 13. Μεταξύ αυτών είνε και οι σύντροφοι Σιάντος, Χαϊτάς, Εξηκουστίδης, Τσατσάκης και άλλοι. Οι εργάτες και οι φτωχοί αγρότες παρακολουθούν με ενδιαφέρον τη δίκη.

Ο ΠΑΘΟΥΣΜΟΣ ΤΟΥ ΒΕΛΓΙΟΥ ΚΑΙ ΤΗΣ ΙΑΠΩΝΙΑΣ

Σήμερα, στις 8 το πρωί, στο Κακουργιοδικείο Πειραιώς γίνεται η δίκη ενάντια στην Κεντρική Επιτροπή του Κομμουνιστικού Κόμματος. Οι κατηγορούμενοι ανέρχονται στους 13. Μεταξύ αυτών είνε και οι σύντροφοι Σιάντος, Χαϊτάς, Εξηκουστίδης, Τσατσάκης και άλλοι. Οι εργάτες και οι φτωχοί αγρότες παρακολουθούν με ενδιαφέρον τη δίκη.
